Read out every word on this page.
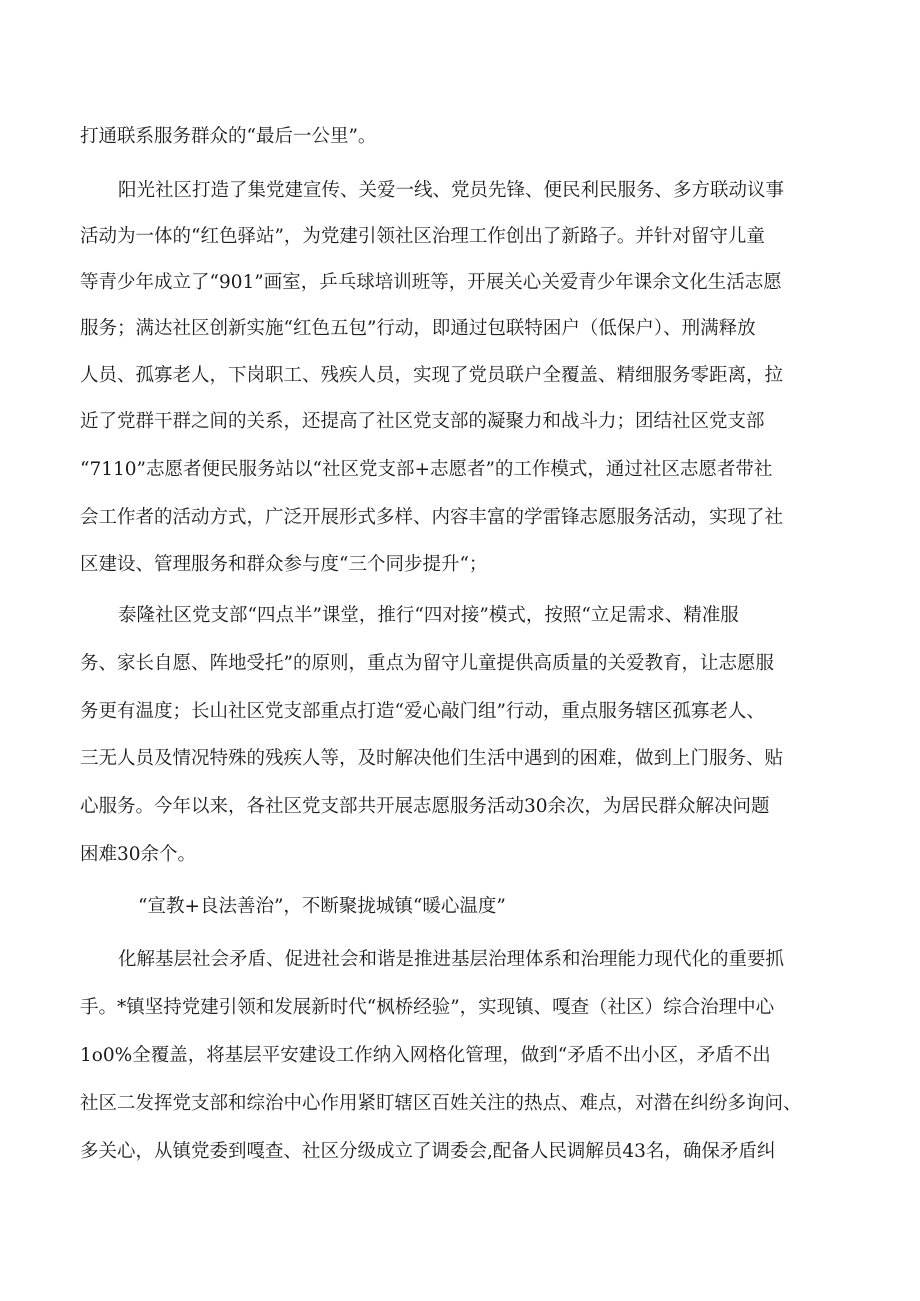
打通联系服务群众的“最后一公里”。
阳光社区打造了集党建宣传、关爱一线、党员先锋、便民利民服务、多方联动议事
活动为一体的“红色驿站”，为党建引领社区治理工作创出了新路子。并针对留守儿童
等青少年成立了“901”画室，乒乓球培训班等，开展关心关爱青少年课余文化生活志愿
服务；满达社区创新实施“红色五包”行动，即通过包联特困户（低保户）、刑满释放
人员、孤寡老人，下岗职工、残疾人员，实现了党员联户全覆盖、精细服务零距离，拉
近了党群干群之间的关系，还提高了社区党支部的凝聚力和战斗力；团结社区党支部
“7110”志愿者便民服务站以“社区党支部+志愿者”的工作模式，通过社区志愿者带社
会工作者的活动方式，广泛开展形式多样、内容丰富的学雷锋志愿服务活动，实现了社
区建设、管理服务和群众参与度“三个同步提升“；
泰隆社区党支部“四点半”课堂，推行“四对接”模式，按照“立足需求、精准服
务、家长自愿、阵地受托”的原则，重点为留守儿童提供高质量的关爱教育，让志愿服
务更有温度；长山社区党支部重点打造“爱心敲门组”行动，重点服务辖区孤寡老人、
三无人员及情况特殊的残疾人等，及时解决他们生活中遇到的困难，做到上门服务、贴
心服务。今年以来，各社区党支部共开展志愿服务活动30余次，为居民群众解决问题
困难30余个。
“宣教+良法善治”，不断聚拢城镇“暖心温度”
化解基层社会矛盾、促进社会和谐是推进基层治理体系和治理能力现代化的重要抓
手。*镇坚持党建引领和发展新时代“枫桥经验”，实现镇、嘎查（社区）综合治理中心
1o0%全覆盖，将基层平安建设工作纳入网格化管理，做到“矛盾不出小区，矛盾不出
社区二发挥党支部和综治中心作用紧盯辖区百姓关注的热点、难点，对潜在纠纷多询问、
多关心，从镇党委到嘎查、社区分级成立了调委会,配备人民调解员43名，确保矛盾纠
